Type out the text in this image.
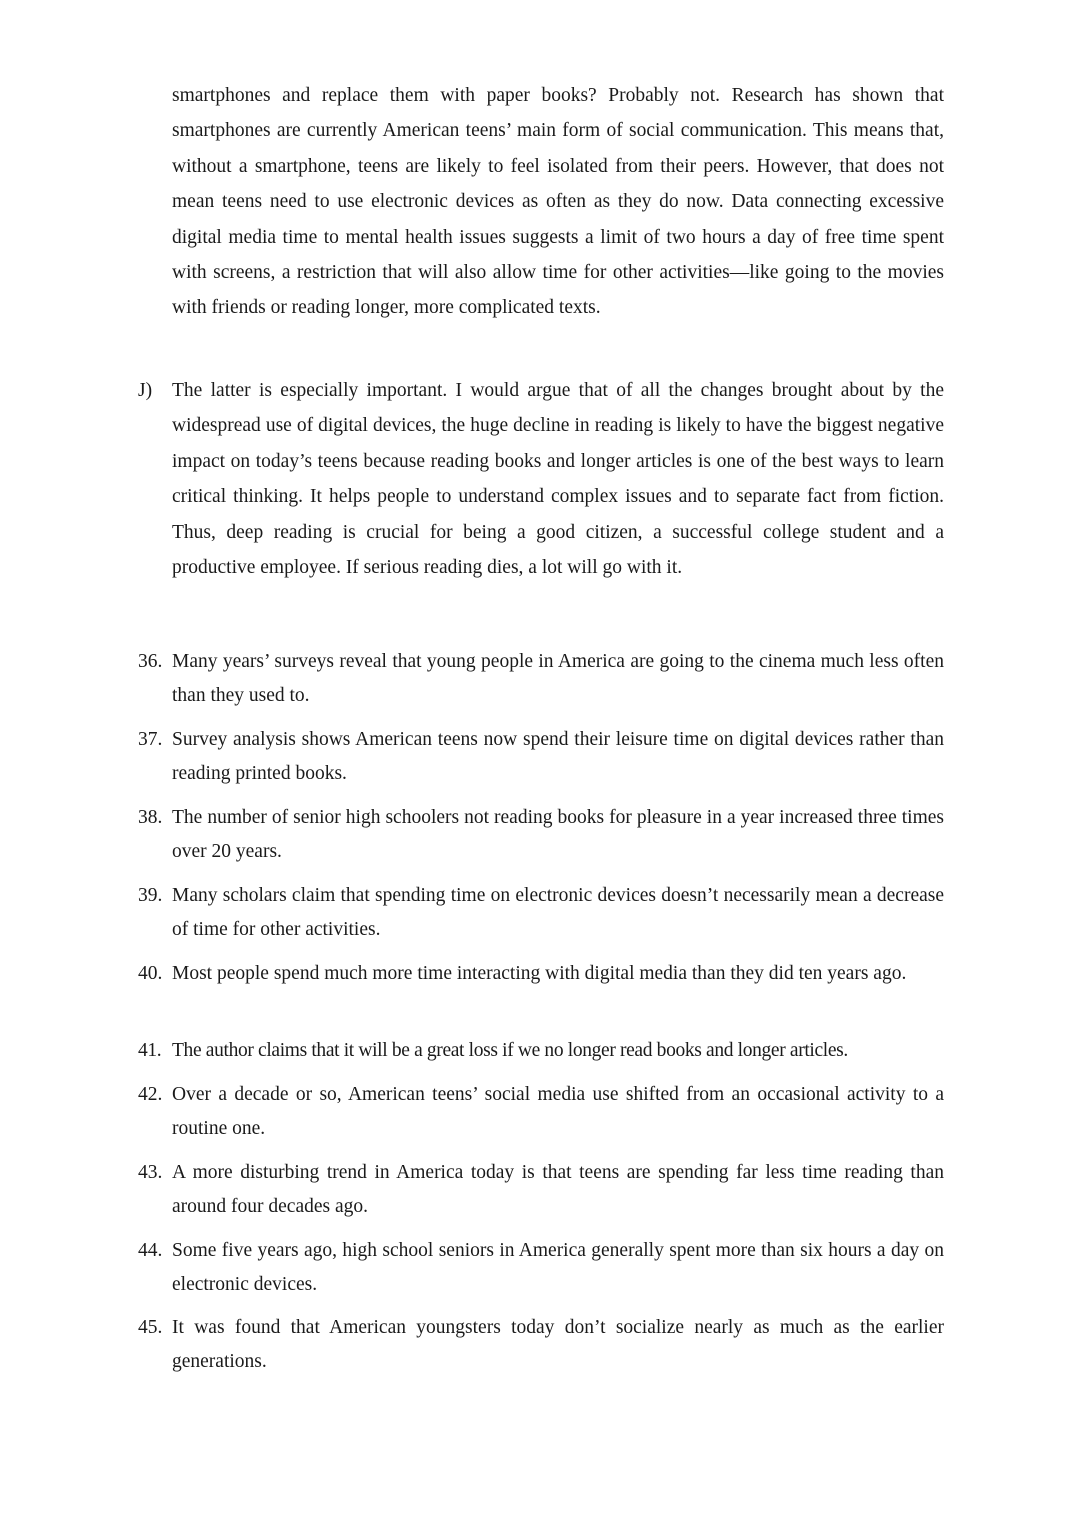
smartphones and replace them with paper books? Probably not. Research has shown that smartphones are currently American teens’ main form of social communication. This means that, without a smartphone, teens are likely to feel isolated from their peers. However, that does not mean teens need to use electronic devices as often as they do now. Data connecting excessive digital media time to mental health issues suggests a limit of two hours a day of free time spent with screens, a restriction that will also allow time for other activities—like going to the movies with friends or reading longer, more complicated texts.

J) The latter is especially important. I would argue that of all the changes brought about by the widespread use of digital devices, the huge decline in reading is likely to have the biggest negative impact on today’s teens because reading books and longer articles is one of the best ways to learn critical thinking. It helps people to understand complex issues and to separate fact from fiction. Thus, deep reading is crucial for being a good citizen, a successful college student and a productive employee. If serious reading dies, a lot will go with it.

36. Many years’ surveys reveal that young people in America are going to the cinema much less often than they used to.

37. Survey analysis shows American teens now spend their leisure time on digital devices rather than reading printed books.

38. The number of senior high schoolers not reading books for pleasure in a year increased three times over 20 years.

39. Many scholars claim that spending time on electronic devices doesn’t necessarily mean a decrease of time for other activities.

40. Most people spend much more time interacting with digital media than they did ten years ago.

41. The author claims that it will be a great loss if we no longer read books and longer articles.

42. Over a decade or so, American teens’ social media use shifted from an occasional activity to a routine one.

43. A more disturbing trend in America today is that teens are spending far less time reading than around four decades ago.

44. Some five years ago, high school seniors in America generally spent more than six hours a day on electronic devices.

45. It was found that American youngsters today don’t socialize nearly as much as the earlier generations.
